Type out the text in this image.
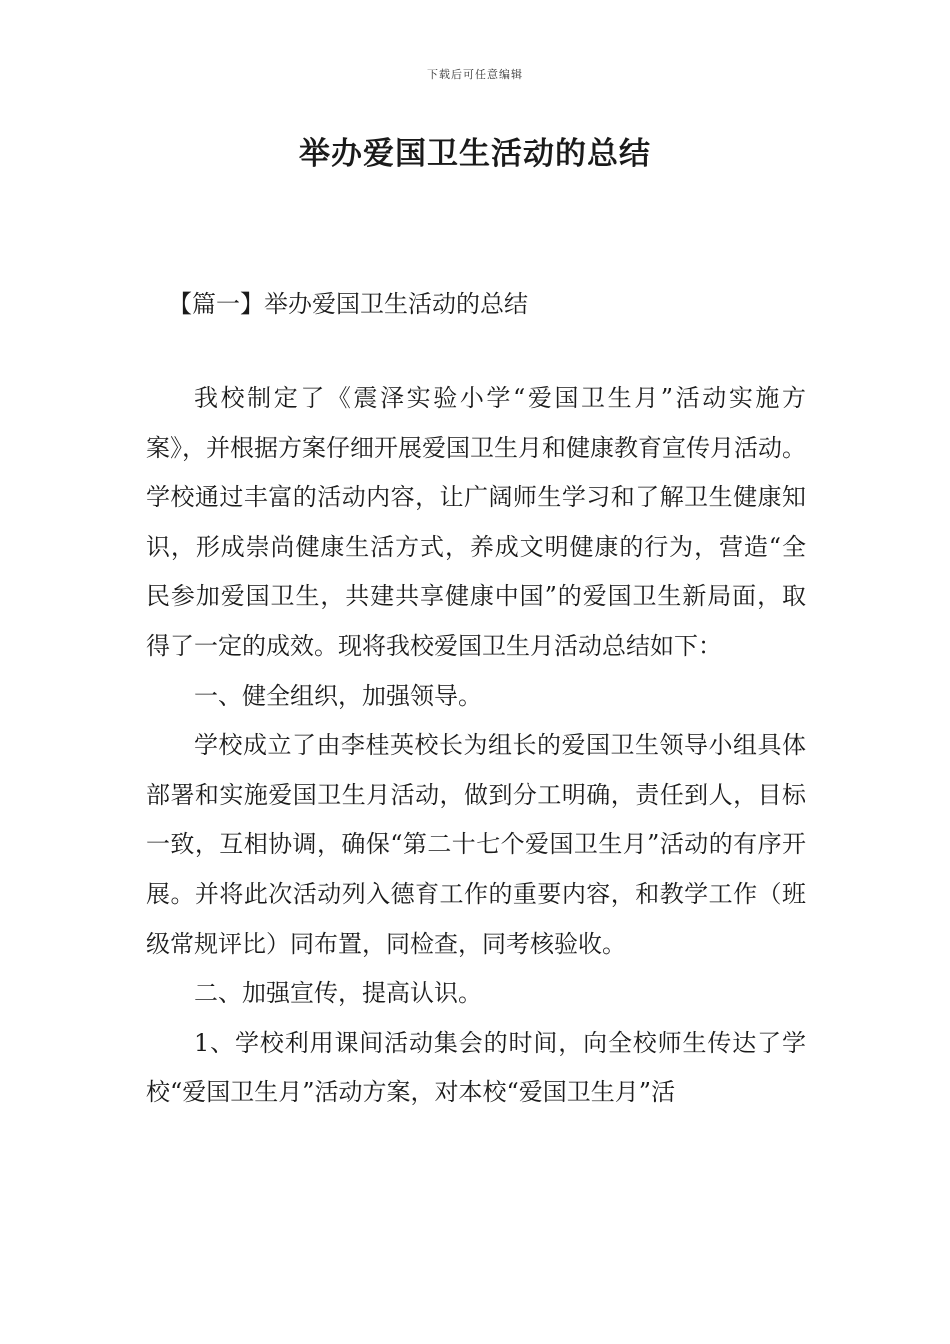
下载后可任意编辑
举办爱国卫生活动的总结
【篇一】举办爱国卫生活动的总结

我校制定了《震泽实验小学“爱国卫生月”活动实施方案》，并根据方案仔细开展爱国卫生月和健康教育宣传月活动。学校通过丰富的活动内容，让广阔师生学习和了解卫生健康知识，形成崇尚健康生活方式，养成文明健康的行为，营造“全民参加爱国卫生，共建共享健康中国”的爱国卫生新局面，取得了一定的成效。现将我校爱国卫生月活动总结如下：

一、健全组织，加强领导。

学校成立了由李桂英校长为组长的爱国卫生领导小组具体部署和实施爱国卫生月活动，做到分工明确，责任到人，目标一致，互相协调，确保“第二十七个爱国卫生月”活动的有序开展。并将此次活动列入德育工作的重要内容，和教学工作（班级常规评比）同布置，同检查，同考核验收。

二、加强宣传，提高认识。

1、学校利用课间活动集会的时间，向全校师生传达了学校“爱国卫生月”活动方案，对本校“爱国卫生月”活
